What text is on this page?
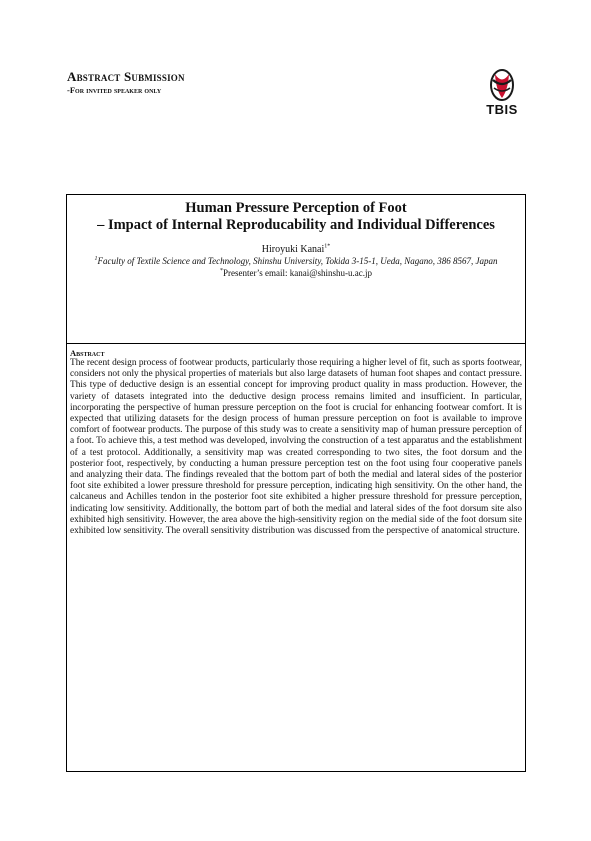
Abstract Submission
-For invited speaker only
TBIS
Human Pressure Perception of Foot
– Impact of Internal Reproducability and Individual Differences
Hiroyuki Kanai$^{1*}$
$^1$Faculty of Textile Science and Technology, Shinshu University, Tokida 3-15-1, Ueda, Nagano, 386 8567, Japan
*Presenter’s email: kanai@shinshu-u.ac.jp
Abstract
The recent design process of footwear products, particularly those requiring a higher level of fit, such as sports footwear, considers not only the physical properties of materials but also large datasets of human foot shapes and contact pressure. This type of deductive design is an essential concept for improving product quality in mass production. However, the variety of datasets integrated into the deductive design process remains limited and insufficient. In particular, incorporating the perspective of human pressure perception on the foot is crucial for enhancing footwear comfort. It is expected that utilizing datasets for the design process of human pressure perception on foot is available to improve comfort of footwear products. The purpose of this study was to create a sensitivity map of human pressure perception of a foot. To achieve this, a test method was developed, involving the construction of a test apparatus and the establishment of a test protocol. Additionally, a sensitivity map was created corresponding to two sites, the foot dorsum and the posterior foot, respectively, by conducting a human pressure perception test on the foot using four cooperative panels and analyzing their data. The findings revealed that the bottom part of both the medial and lateral sides of the posterior foot site exhibited a lower pressure threshold for pressure perception, indicating high sensitivity. On the other hand, the calcaneus and Achilles tendon in the posterior foot site exhibited a higher pressure threshold for pressure perception, indicating low sensitivity. Additionally, the bottom part of both the medial and lateral sides of the foot dorsum site also exhibited high sensitivity. However, the area above the high-sensitivity region on the medial side of the foot dorsum site exhibited low sensitivity. The overall sensitivity distribution was discussed from the perspective of anatomical structure.
